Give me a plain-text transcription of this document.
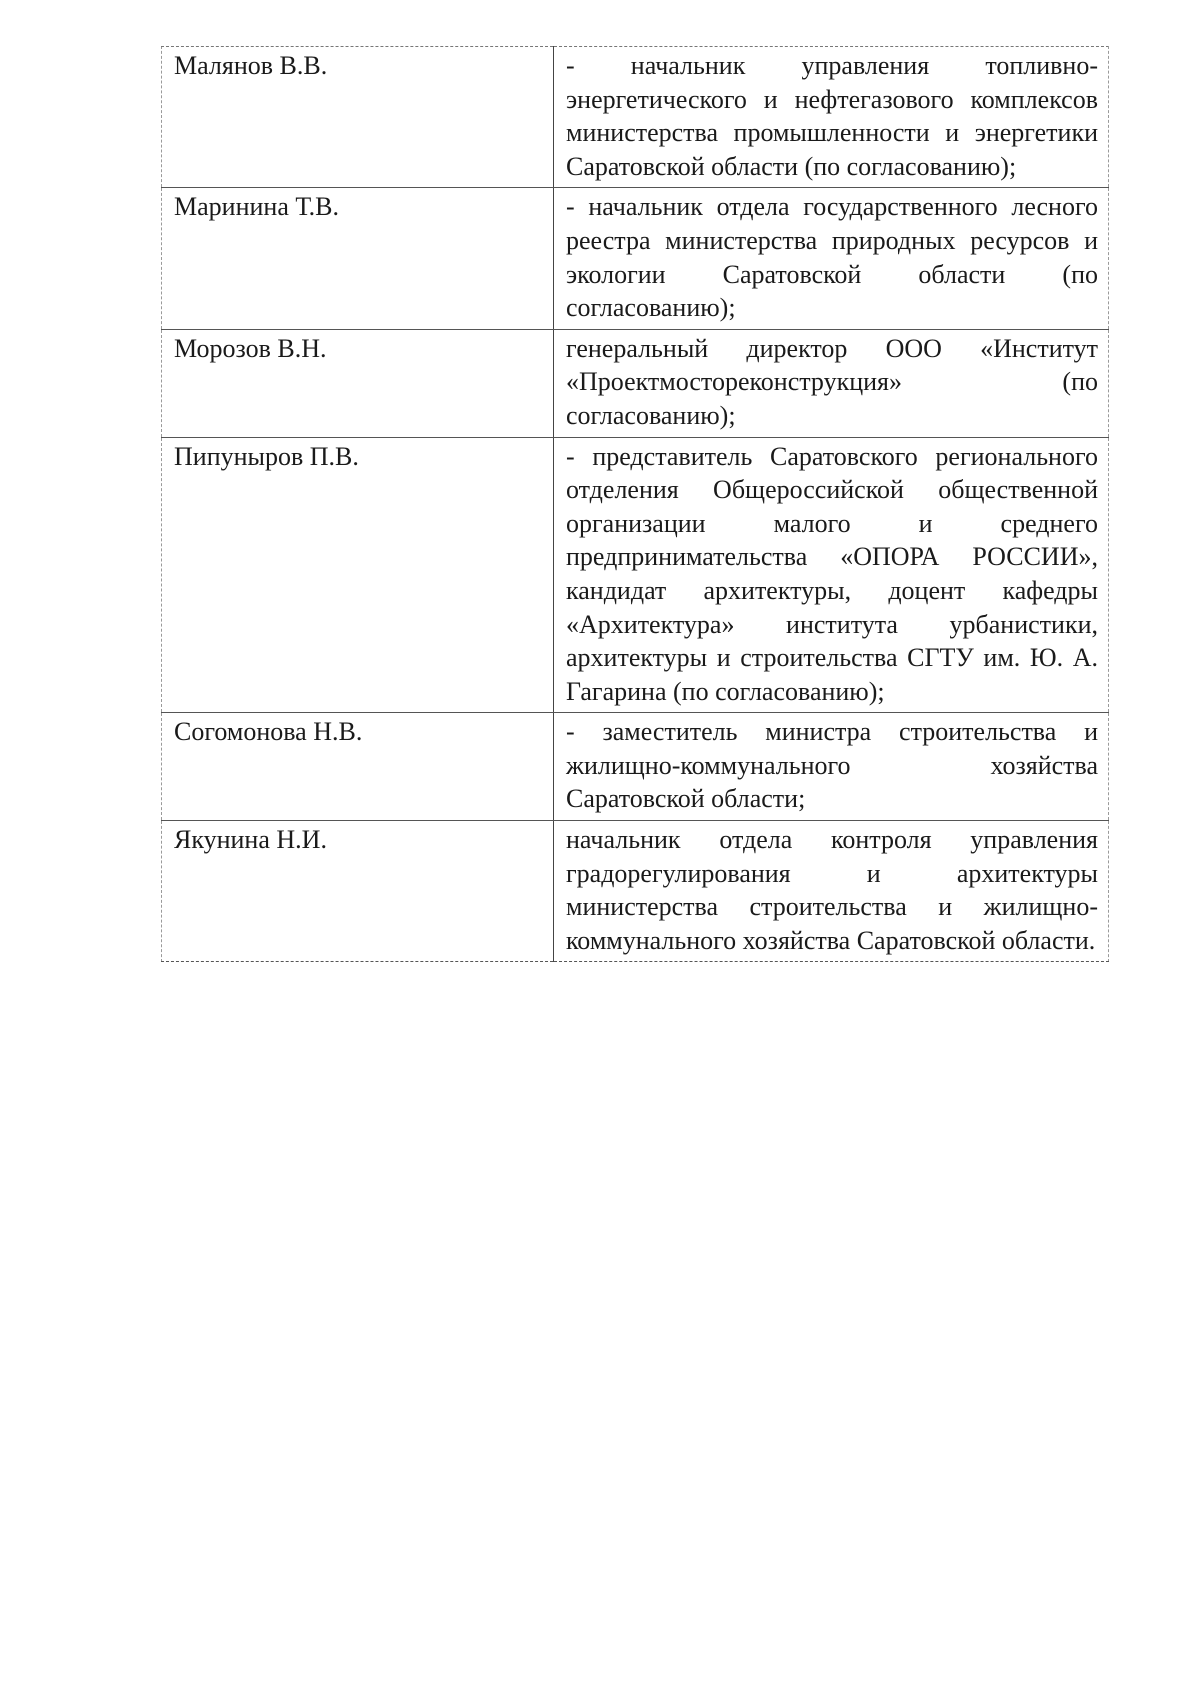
Малянов В.В.	- начальник управления топливно-энергетического и нефтегазового комплексов министерства промышленности и энергетики Саратовской области (по согласованию);
Маринина Т.В.	- начальник отдела государственного лесного реестра министерства природных ресурсов и экологии Саратовской области (по согласованию);
Морозов В.Н.	генеральный директор ООО «Институт «Проектмостореконструкция» (по согласованию);
Пипуныров П.В.	- представитель Саратовского регионального отделения Общероссийской общественной организации малого и среднего предпринимательства «ОПОРА РОССИИ», кандидат архитектуры, доцент кафедры «Архитектура» института урбанистики, архитектуры и строительства СГТУ им. Ю. А. Гагарина (по согласованию);
Согомонова Н.В.	- заместитель министра строительства и жилищно-коммунального хозяйства Саратовской области;
Якунина Н.И.	начальник отдела контроля управления градорегулирования и архитектуры министерства строительства и жилищно-коммунального хозяйства Саратовской области.
